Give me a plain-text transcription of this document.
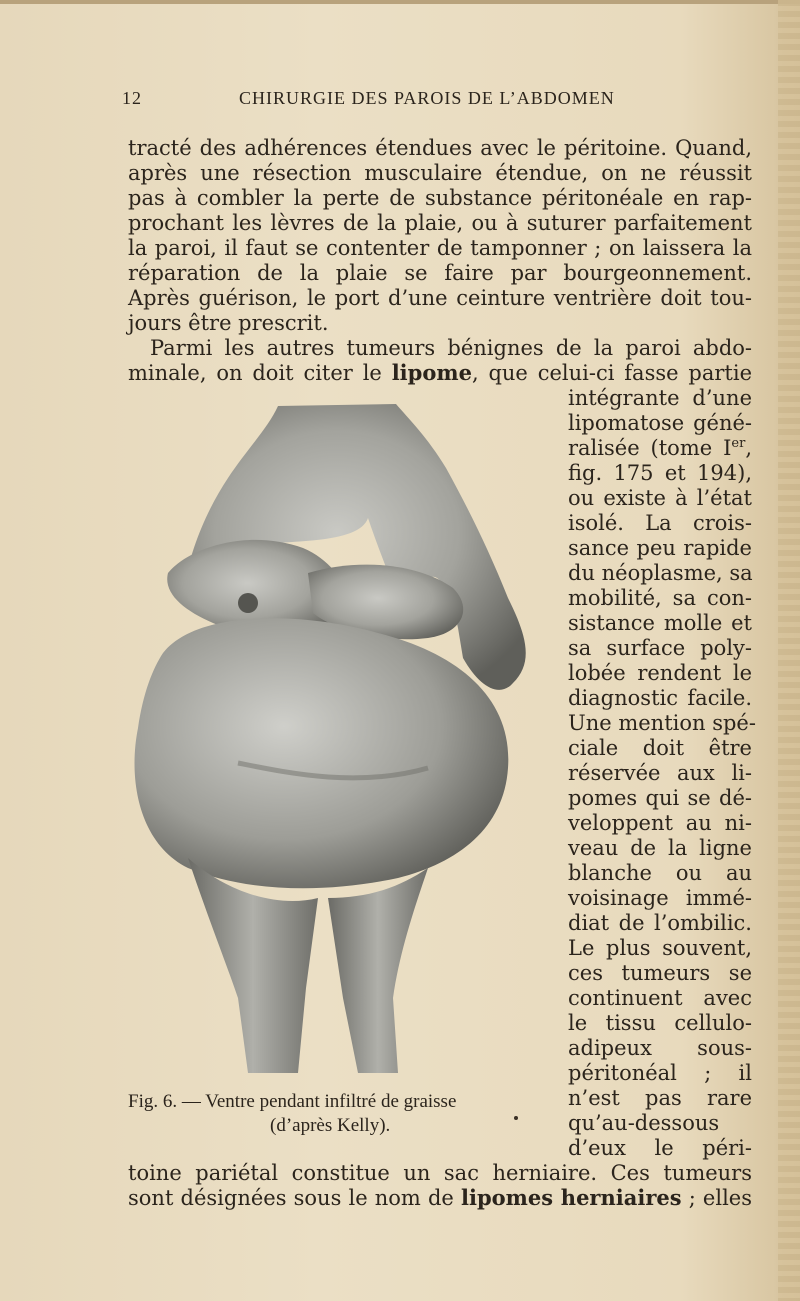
12	CHIRURGIE DES PAROIS DE L’ABDOMEN
tracté des adhérences étendues avec le péritoine. Quand,
après une résection musculaire étendue, on ne réussit
pas à combler la perte de substance péritonéale en rap-
prochant les lèvres de la plaie, ou à suturer parfaitement
la paroi, il faut se contenter de tamponner ; on laissera la
réparation de la plaie se faire par bourgeonnement.
Après guérison, le port d’une ceinture ventrière doit tou-
jours être prescrit.
Parmi les autres tumeurs bénignes de la paroi abdo-
minale, on doit citer le lipome, que celui-ci fasse partie
intégrante d’une
lipomatose géné-
ralisée (tome Ier,
fig. 175 et 194),
ou existe à l’état
isolé. La crois-
sance peu rapide
du néoplasme, sa
mobilité, sa con-
sistance molle et
sa surface poly-
lobée rendent le
diagnostic facile.
Une mention spé-
ciale doit être
réservée aux li-
pomes qui se dé-
veloppent au ni-
veau de la ligne
blanche ou au
voisinage immé-
diat de l’ombilic.
Le plus souvent,
ces tumeurs se
continuent avec
le tissu cellulo-
adipeux sous-
péritonéal ; il
n’est pas rare
qu’au-dessous
d’eux le péri-
toine pariétal constitue un sac herniaire. Ces tumeurs
sont désignées sous le nom de lipomes herniaires ; elles
Fig. 6. — Ventre pendant infiltré de graisse
(d’après Kelly).
